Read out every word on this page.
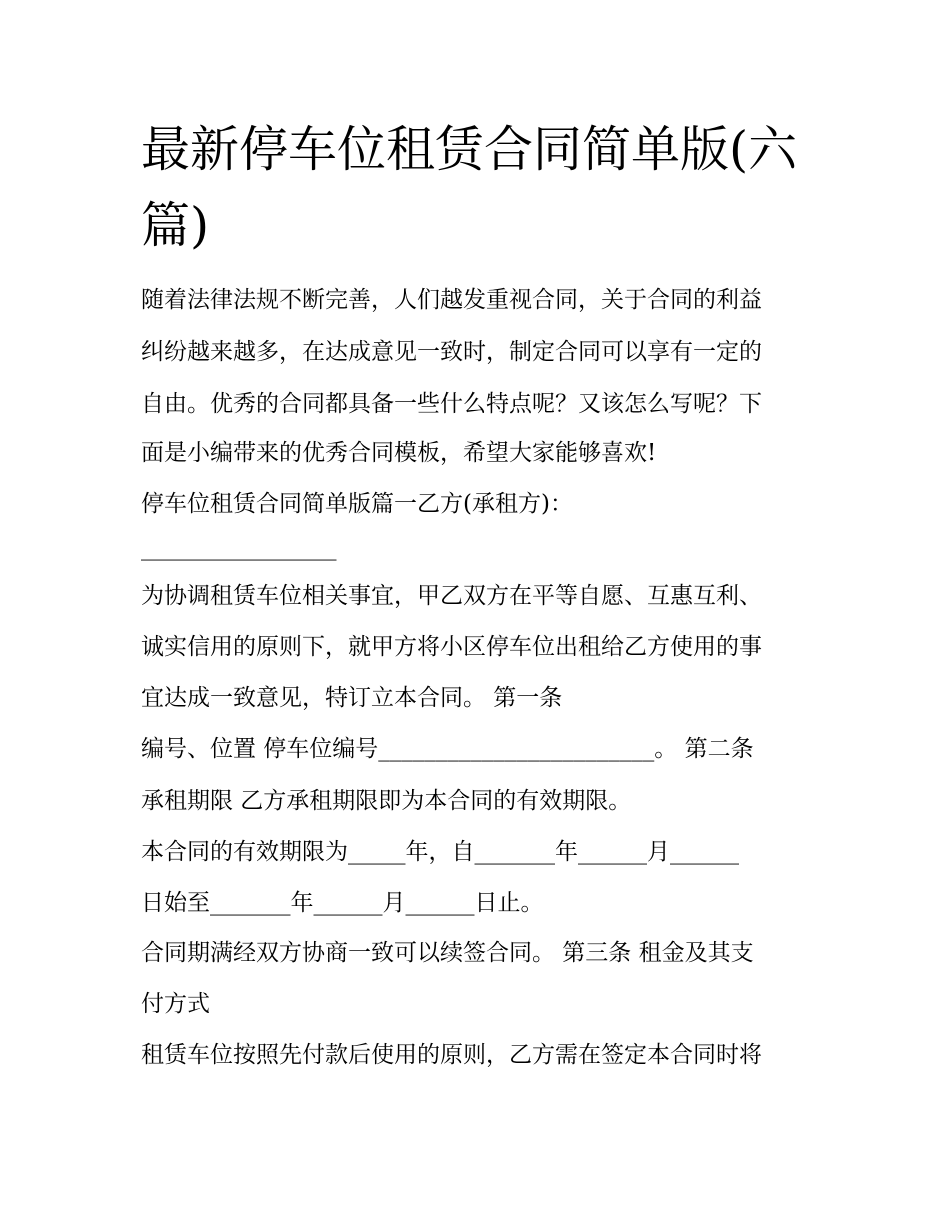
最新停车位租赁合同简单版(六篇)
随着法律法规不断完善，人们越发重视合同，关于合同的利益
纠纷越来越多，在达成意见一致时，制定合同可以享有一定的
自由。优秀的合同都具备一些什么特点呢？又该怎么写呢？下
面是小编带来的优秀合同模板，希望大家能够喜欢!
停车位租赁合同简单版篇一乙方(承租方)：
_________________
为协调租赁车位相关事宜，甲乙双方在平等自愿、互惠互利、
诚实信用的原则下，就甲方将小区停车位出租给乙方使用的事
宜达成一致意见，特订立本合同。 第一条
编号、位置 停车位编号________________________。 第二条
承租期限 乙方承租期限即为本合同的有效期限。
本合同的有效期限为_____年，自_______年______月______
日始至_______年______月______日止。
合同期满经双方协商一致可以续签合同。 第三条 租金及其支
付方式
租赁车位按照先付款后使用的原则，乙方需在签定本合同时将
